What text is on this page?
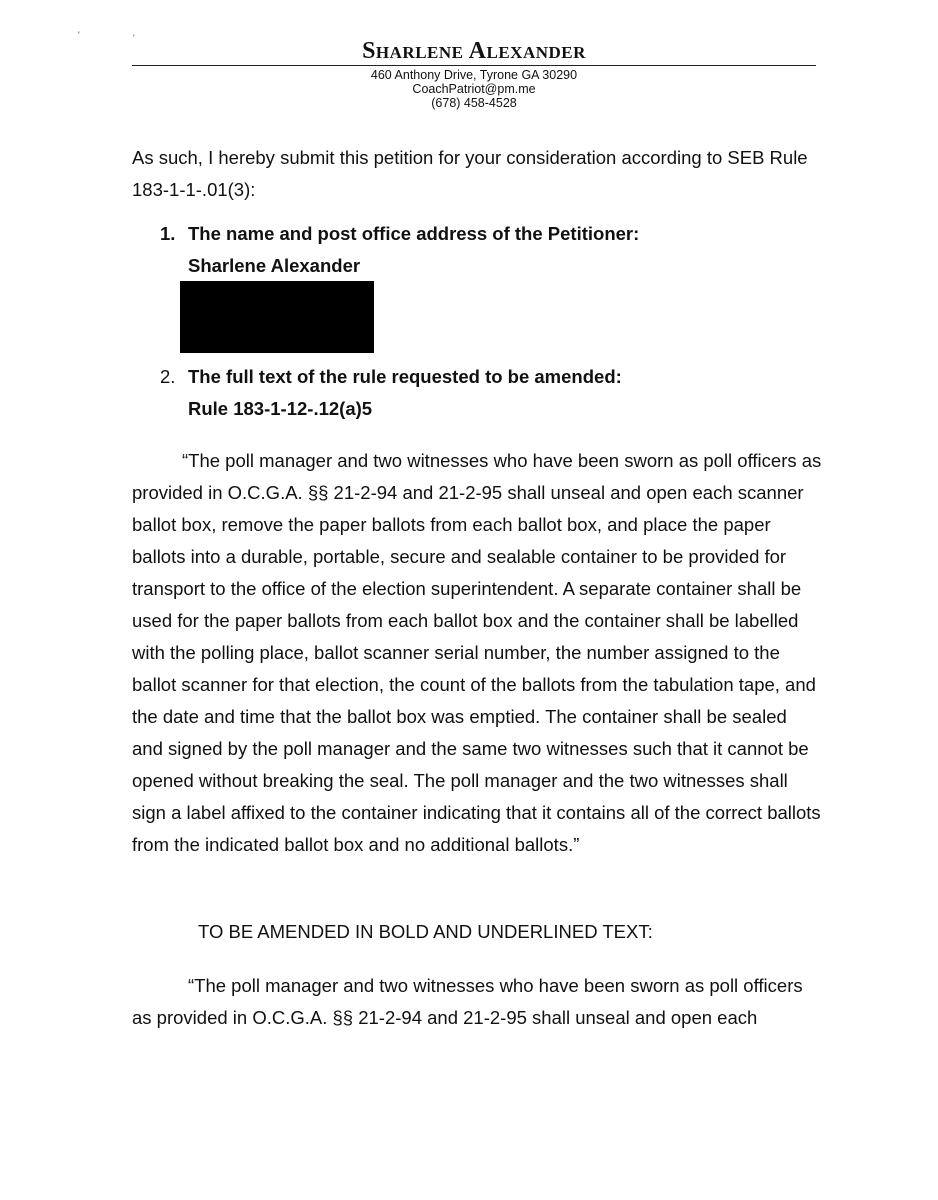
'	'	Sharlene Alexander

460 Anthony Drive, Tyrone GA 30290

CoachPatriot@pm.me

(678) 458-4528

As such, I hereby submit this petition for your consideration according to SEB Rule 183-1-1-.01(3):

1. The name and post office address of the Petitioner:
Sharlene Alexander
2. The full text of the rule requested to be amended:
Rule 183-1-12-.12(a)5

“The poll manager and two witnesses who have been sworn as poll officers as provided in O.C.G.A. §§ 21-2-94 and 21-2-95 shall unseal and open each scanner ballot box, remove the paper ballots from each ballot box, and place the paper ballots into a durable, portable, secure and sealable container to be provided for transport to the office of the election superintendent. A separate container shall be used for the paper ballots from each ballot box and the container shall be labelled with the polling place, ballot scanner serial number, the number assigned to the ballot scanner for that election, the count of the ballots from the tabulation tape, and the date and time that the ballot box was emptied. The container shall be sealed and signed by the poll manager and the same two witnesses such that it cannot be opened without breaking the seal. The poll manager and the two witnesses shall sign a label affixed to the container indicating that it contains all of the correct ballots from the indicated ballot box and no additional ballots.”

TO BE AMENDED IN BOLD AND UNDERLINED TEXT:

“The poll manager and two witnesses who have been sworn as poll officers as provided in O.C.G.A. §§ 21-2-94 and 21-2-95 shall unseal and open each
